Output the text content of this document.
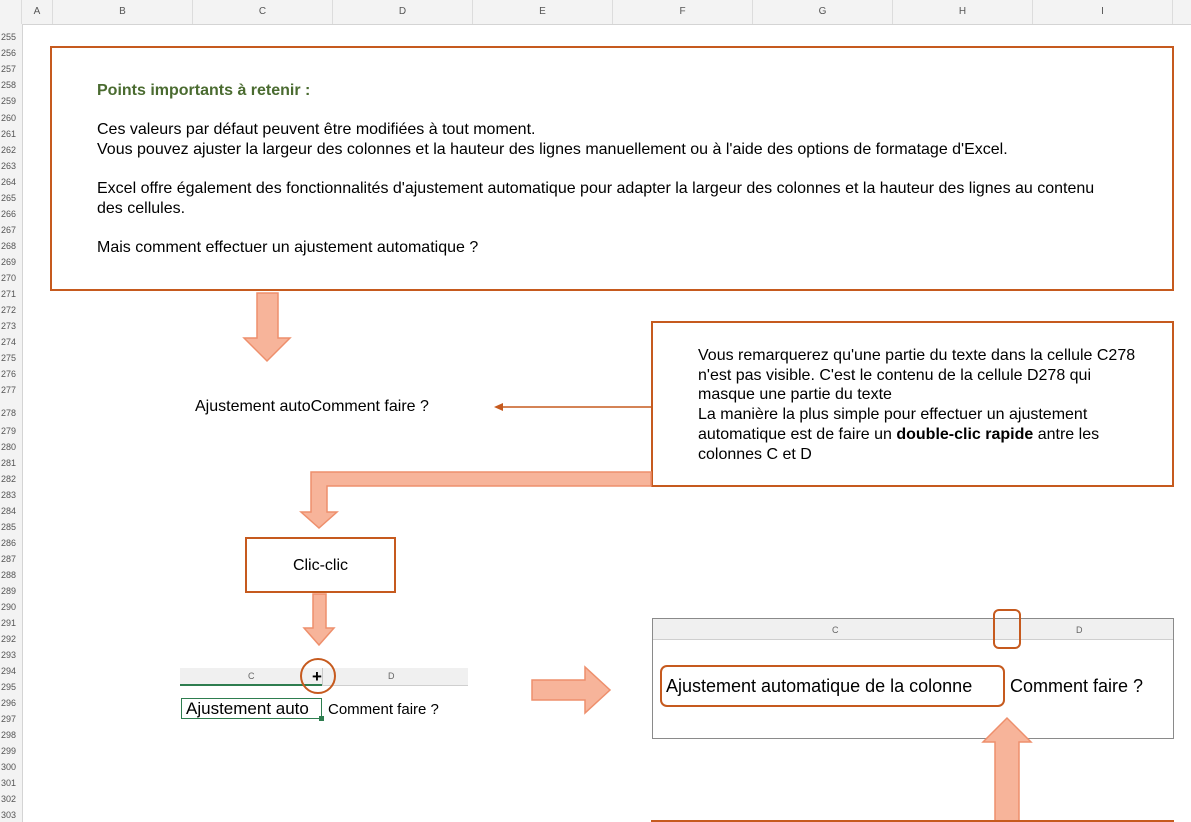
A	B	C	D	E	F	G	H	I
255
256
257
258
259
260
261
262
263
264
265
266
267
268
269
270
271
272
273
274
275
276
277
278
279
280
281
282
283
284
285
286
287
288
289
290
291
292
293
294
295
296
297
298
299
300
301
302
303
Points importants à retenir :
Ces valeurs par défaut peuvent être modifiées à tout moment.
Vous pouvez ajuster la largeur des colonnes et la hauteur des lignes manuellement ou à l'aide des options de formatage d'Excel.
Excel offre également des fonctionnalités d'ajustement automatique pour adapter la largeur des colonnes et la hauteur des lignes au contenu
des cellules.
Mais comment effectuer un ajustement automatique ?
Ajustement autoComment faire ?
Vous remarquerez qu'une partie du texte dans la cellule C278
n'est pas visible. C'est le contenu de la cellule D278 qui
masque une partie du texte
La manière la plus simple pour effectuer un ajustement
automatique est de faire un double-clic rapide antre les
colonnes C et D
Clic-clic
C	D
+
Ajustement auto Comment faire ?
C	D
Ajustement automatique de la colonne Comment faire ?
